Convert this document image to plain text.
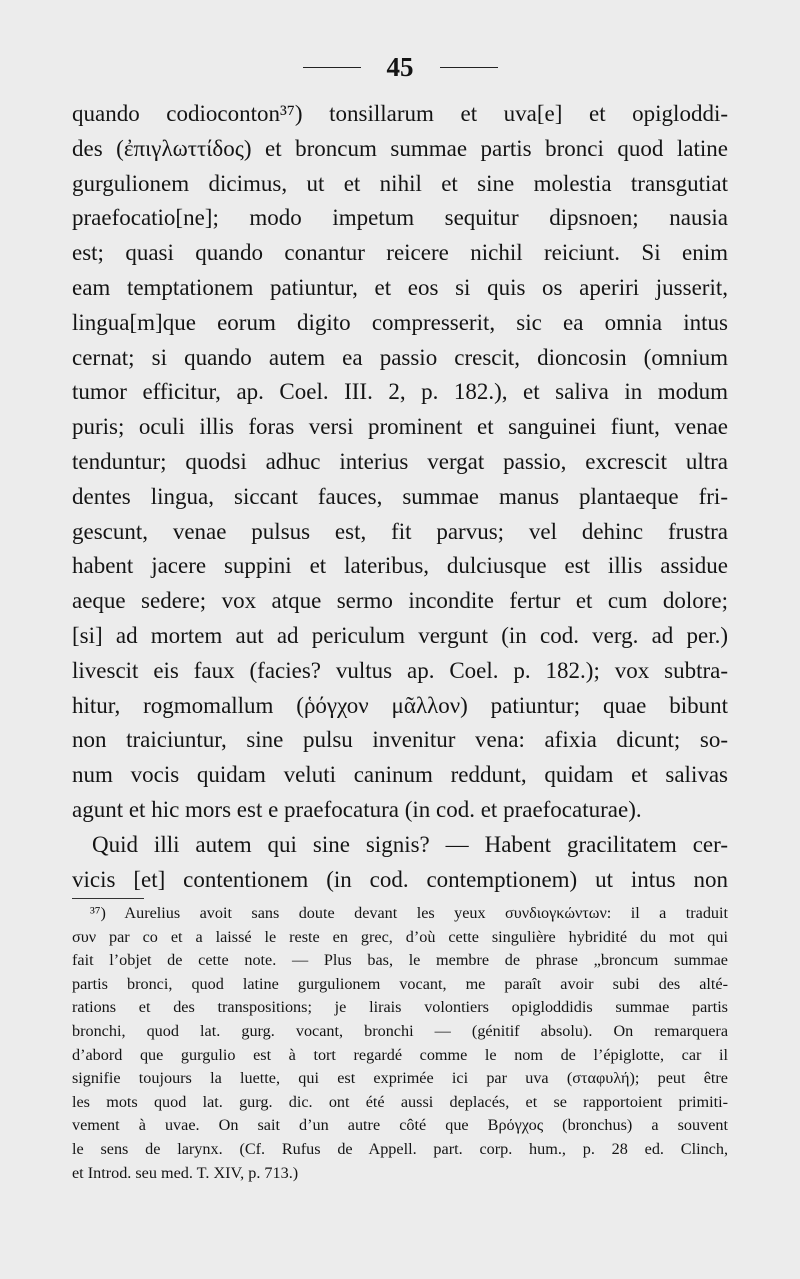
45
quando codioconton³⁷) tonsillarum et uva[e] et opigloddi-
des (ἐπιγλωττίδος) et broncum summae partis bronci quod latine
gurgulionem dicimus, ut et nihil et sine molestia transgutiat
praefocatio[ne]; modo impetum sequitur dipsnoen; nausia
est; quasi quando conantur reicere nichil reiciunt. Si enim
eam temptationem patiuntur, et eos si quis os aperiri jusserit,
lingua[m]que eorum digito compresserit, sic ea omnia intus
cernat; si quando autem ea passio crescit, dioncosin (omnium
tumor efficitur, ap. Coel. III. 2, p. 182.), et saliva in modum
puris; oculi illis foras versi prominent et sanguinei fiunt, venae
tenduntur; quodsi adhuc interius vergat passio, excrescit ultra
dentes lingua, siccant fauces, summae manus plantaeque fri-
gescunt, venae pulsus est, fit parvus; vel dehinc frustra
habent jacere suppini et lateribus, dulciusque est illis assidue
aeque sedere; vox atque sermo incondite fertur et cum dolore;
[si] ad mortem aut ad periculum vergunt (in cod. verg. ad per.)
livescit eis faux (facies? vultus ap. Coel. p. 182.); vox subtra-
hitur, rogmomallum (ῥόγχον μᾶλλον) patiuntur; quae bibunt
non traiciuntur, sine pulsu invenitur vena: afixia dicunt; so-
num vocis quidam veluti caninum reddunt, quidam et salivas
agunt et hic mors est e praefocatura (in cod. et praefocaturae).
Quid illi autem qui sine signis? — Habent gracilitatem cer-
vicis [et] contentionem (in cod. contemptionem) ut intus non
³⁷) Aurelius avoit sans doute devant les yeux συνδιογκώντων: il a traduit
συν par co et a laissé le reste en grec, d’où cette singulière hybridité du mot qui
fait l’objet de cette note. — Plus bas, le membre de phrase „broncum summae
partis bronci, quod latine gurgulionem vocant, me paraît avoir subi des alté-
rations et des transpositions; je lirais volontiers opigloddidis summae partis
bronchi, quod lat. gurg. vocant, bronchi — (génitif absolu). On remarquera
d’abord que gurgulio est à tort regardé comme le nom de l’épiglotte, car il
signifie toujours la luette, qui est exprimée ici par uva (σταφυλή); peut être
les mots quod lat. gurg. dic. ont été aussi deplacés, et se rapportoient primiti-
vement à uvae. On sait d’un autre côté que Βρόγχος (bronchus) a souvent
le sens de larynx. (Cf. Rufus de Appell. part. corp. hum., p. 28 ed. Clinch,
et Introd. seu med. T. XIV, p. 713.)
